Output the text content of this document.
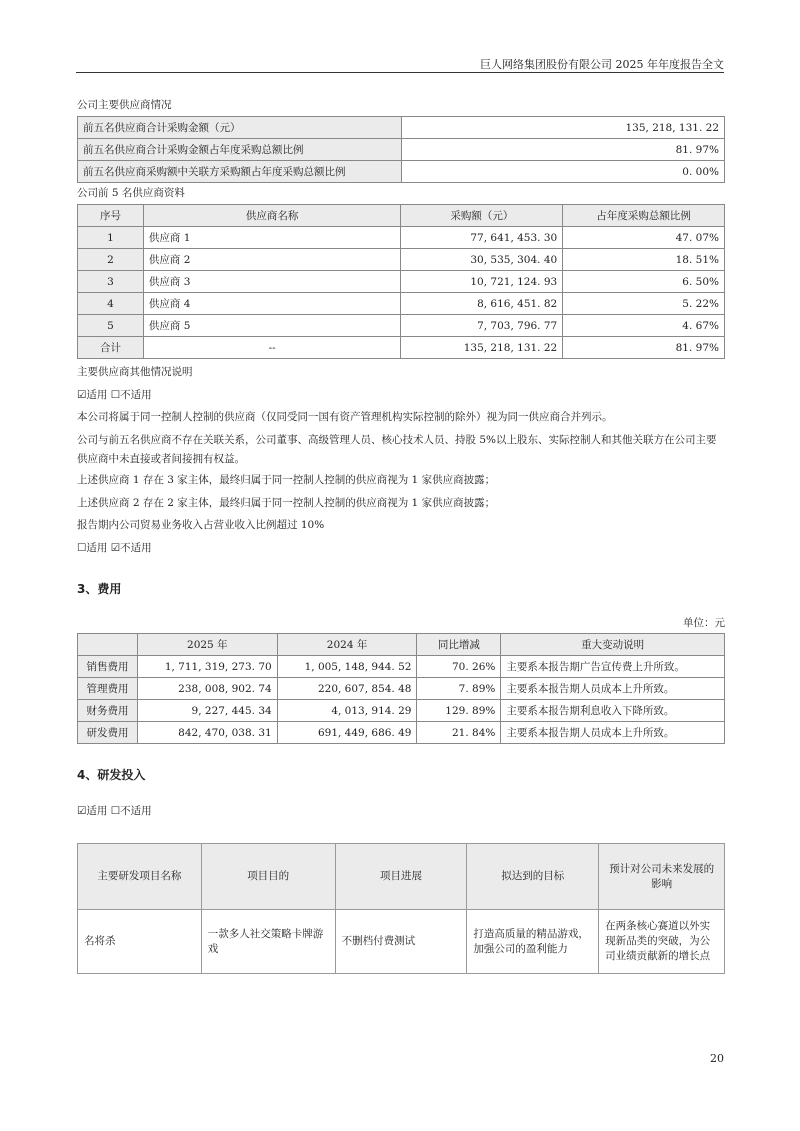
巨人网络集团股份有限公司 2025 年年度报告全文
公司主要供应商情况
前五名供应商合计采购金额（元）	135, 218, 131. 22
前五名供应商合计采购金额占年度采购总额比例	81. 97%
前五名供应商采购额中关联方采购额占年度采购总额比例	0. 00%
公司前 5 名供应商资料
序号	供应商名称	采购额（元）	占年度采购总额比例
1	供应商 1	77, 641, 453. 30	47. 07%
2	供应商 2	30, 535, 304. 40	18. 51%
3	供应商 3	10, 721, 124. 93	6. 50%
4	供应商 4	8, 616, 451. 82	5. 22%
5	供应商 5	7, 703, 796. 77	4. 67%
合计	--	135, 218, 131. 22	81. 97%
主要供应商其他情况说明
☑适用 ☐不适用
本公司将属于同一控制人控制的供应商（仅同受同一国有资产管理机构实际控制的除外）视为同一供应商合并列示。
公司与前五名供应商不存在关联关系，公司董事、高级管理人员、核心技术人员、持股 5%以上股东、实际控制人和其他关联方在公司主要供应商中未直接或者间接拥有权益。
上述供应商 1 存在 3 家主体，最终归属于同一控制人控制的供应商视为 1 家供应商披露；
上述供应商 2 存在 2 家主体，最终归属于同一控制人控制的供应商视为 1 家供应商披露；
报告期内公司贸易业务收入占营业收入比例超过 10%
☐适用 ☑不适用
3、费用
单位：元
	2025 年	2024 年	同比增减	重大变动说明
销售费用	1, 711, 319, 273. 70	1, 005, 148, 944. 52	70. 26%	主要系本报告期广告宣传费上升所致。
管理费用	238, 008, 902. 74	220, 607, 854. 48	7. 89%	主要系本报告期人员成本上升所致。
财务费用	9, 227, 445. 34	4, 013, 914. 29	129. 89%	主要系本报告期利息收入下降所致。
研发费用	842, 470, 038. 31	691, 449, 686. 49	21. 84%	主要系本报告期人员成本上升所致。
4、研发投入
☑适用 ☐不适用
主要研发项目名称	项目目的	项目进展	拟达到的目标	预计对公司未来发展的影响
名将杀	一款多人社交策略卡牌游戏	不删档付费测试	打造高质量的精品游戏，加强公司的盈利能力	在两条核心赛道以外实现新品类的突破，为公司业绩贡献新的增长点
20
